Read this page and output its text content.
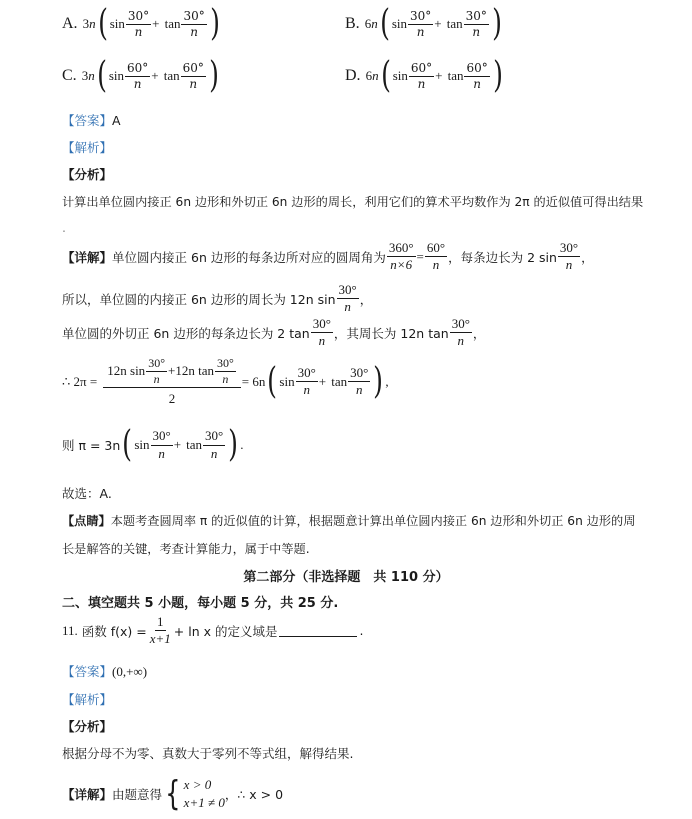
A.
3 n ( $\sin \frac{30^\circ}{n}$ +
$\tan \frac{30^\circ}{n}$ )	B.
6 n ( $\sin \frac{30^\circ}{n}$ +
$\tan \frac{30^\circ}{n}$ )
C.
3 n ( $\sin \frac{60^\circ}{n}$ +
$\tan \frac{60^\circ}{n}$ )	D.
6 n ( $\sin \frac{60^\circ}{n}$ +
$\tan \frac{60^\circ}{n}$ )
【答案】A
【解析】
【分析】
计算出单位圆内接正 6n 边形和外切正 6n 边形的周长，利用它们的算术平均数作为 2π 的近似值可得出结果
.
【详解】 单位圆内接正 6n 边形的每条边所对应的圆周角为 $\frac{360^\circ}{n\times 6} = \frac{60^\circ}{n}$ ，每条边长为 2 $\sin \frac{30^\circ}{n}$ ，
所以，单位圆的内接正 6n 边形的周长为 12n $\sin \frac{30^\circ}{n}$ ，
单位圆的外切正 6n 边形的每条边长为 2 $\tan \frac{30^\circ}{n}$ ，其周长为 12n $\tan \frac{30^\circ}{n}$ ，
∴ 2π =
$\frac{12n \sin \frac{30^\circ}{n} +12n \tan \frac{30^\circ}{n}}{2} = 6n$ ( $\sin \frac{30^\circ}{n}$ +
$\tan \frac{30^\circ}{n}$ ) ,
则 π = 3n ( $\sin \frac{30^\circ}{n}$ +
$\tan \frac{30^\circ}{n}$ ) .
故选：A.
【点睛】本题考查圆周率 π 的近似值的计算，根据题意计算出单位圆内接正 6n 边形和外切正 6n 边形的周
长是解答的关键，考查计算能力，属于中等题.
第二部分（非选择题　共 110 分）
二、填空题共 5 小题，每小题 5 分，共 25 分.
11.
函数 $f(x) = \frac{1}{x+1} + \ln x$ 的定义域是	.
【答案】(0,+∞)
【解析】
【分析】
根据分母不为零、真数大于零列不等式组，解得结果.
【详解】 由题意得 { x > 0
x+1 ≠ 0
，∴ x > 0
